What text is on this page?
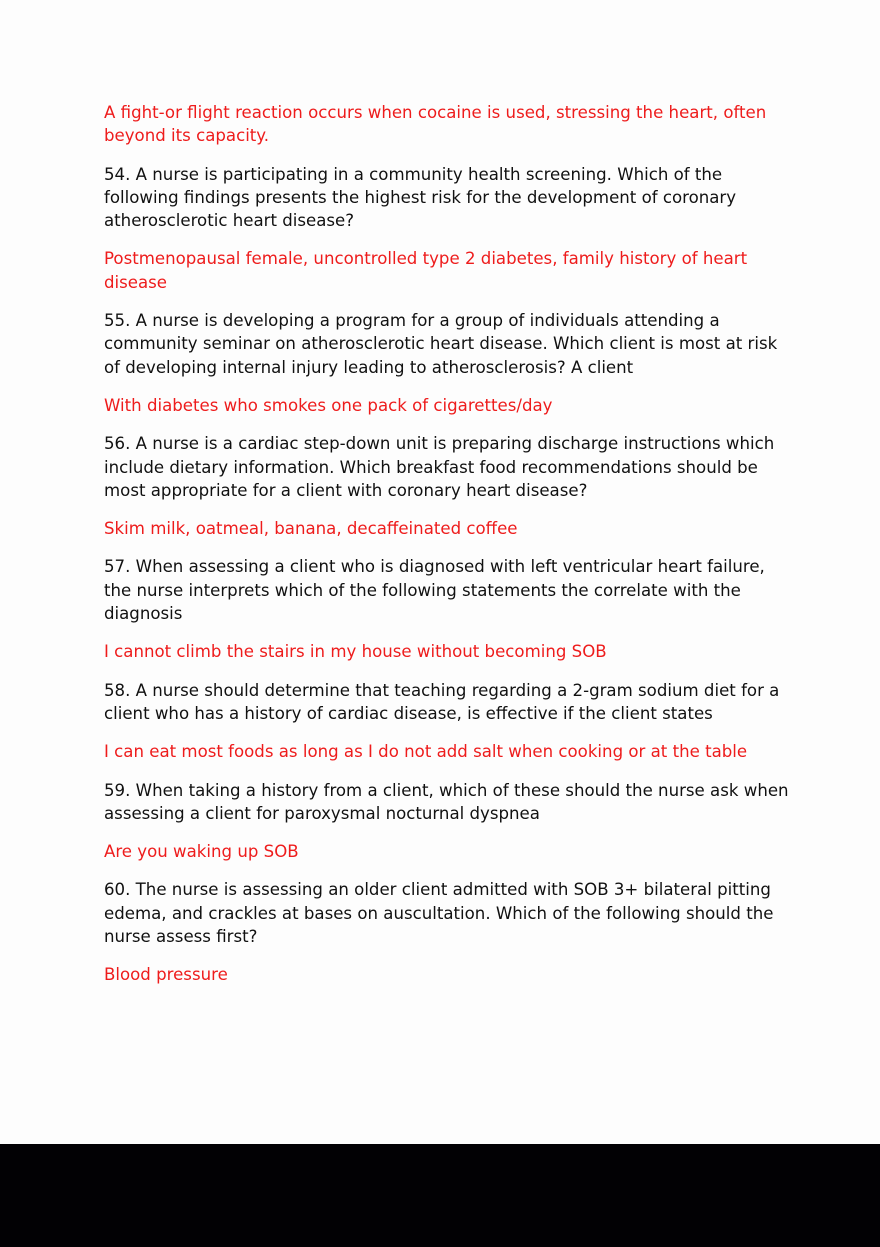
A fight-or flight reaction occurs when cocaine is used, stressing the heart, often beyond its capacity.

54. A nurse is participating in a community health screening. Which of the following findings presents the highest risk for the development of coronary atherosclerotic heart disease?

Postmenopausal female, uncontrolled type 2 diabetes, family history of heart disease

55. A nurse is developing a program for a group of individuals attending a community seminar on atherosclerotic heart disease. Which client is most at risk of developing internal injury leading to atherosclerosis? A client

With diabetes who smokes one pack of cigarettes/day

56. A nurse is a cardiac step-down unit is preparing discharge instructions which include dietary information. Which breakfast food recommendations should be most appropriate for a client with coronary heart disease?

Skim milk, oatmeal, banana, decaffeinated coffee

57. When assessing a client who is diagnosed with left ventricular heart failure, the nurse interprets which of the following statements the correlate with the diagnosis

I cannot climb the stairs in my house without becoming SOB

58. A nurse should determine that teaching regarding a 2-gram sodium diet for a client who has a history of cardiac disease, is effective if the client states

I can eat most foods as long as I do not add salt when cooking or at the table

59. When taking a history from a client, which of these should the nurse ask when assessing a client for paroxysmal nocturnal dyspnea

Are you waking up SOB

60. The nurse is assessing an older client admitted with SOB 3+ bilateral pitting edema, and crackles at bases on auscultation. Which of the following should the nurse assess first?

Blood pressure
